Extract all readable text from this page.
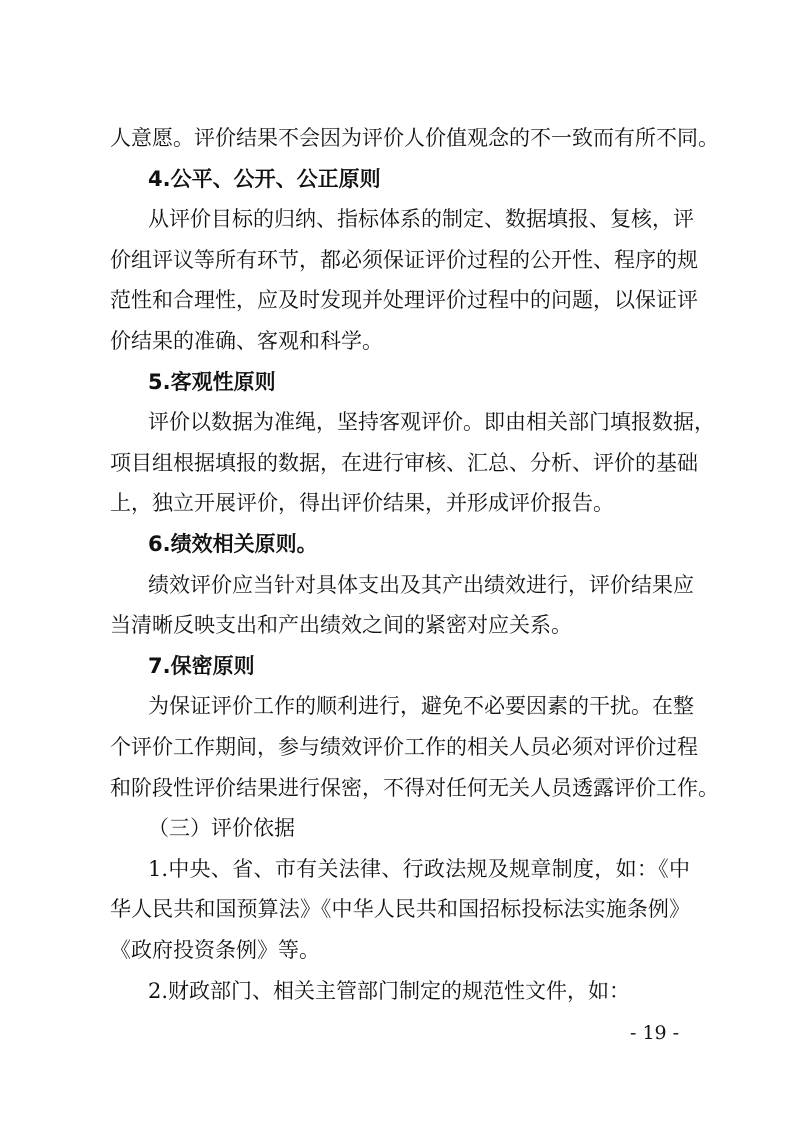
人意愿。评价结果不会因为评价人价值观念的不一致而有所不同。
4.公平、公开、公正原则
从评价目标的归纳、指标体系的制定、数据填报、复核，评
价组评议等所有环节，都必须保证评价过程的公开性、程序的规
范性和合理性，应及时发现并处理评价过程中的问题，以保证评
价结果的准确、客观和科学。
5.客观性原则
评价以数据为准绳，坚持客观评价。即由相关部门填报数据，
项目组根据填报的数据，在进行审核、汇总、分析、评价的基础
上，独立开展评价，得出评价结果，并形成评价报告。
6.绩效相关原则。
绩效评价应当针对具体支出及其产出绩效进行，评价结果应
当清晰反映支出和产出绩效之间的紧密对应关系。
7.保密原则
为保证评价工作的顺利进行，避免不必要因素的干扰。在整
个评价工作期间，参与绩效评价工作的相关人员必须对评价过程
和阶段性评价结果进行保密，不得对任何无关人员透露评价工作。
（三）评价依据
1.中央、省、市有关法律、行政法规及规章制度，如：《中
华人民共和国预算法》《中华人民共和国招标投标法实施条例》
《政府投资条例》等。
2.财政部门、相关主管部门制定的规范性文件，如：
- 19 -
